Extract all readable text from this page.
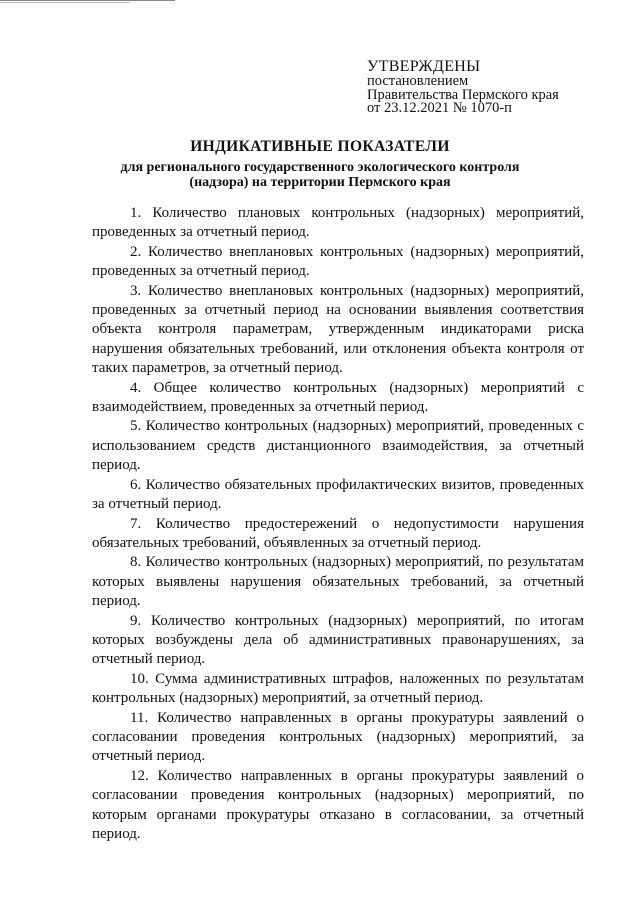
УТВЕРЖДЕНЫ
постановлением
Правительства Пермского края
от 23.12.2021 № 1070-п
ИНДИКАТИВНЫЕ ПОКАЗАТЕЛИ
для регионального государственного экологического контроля
(надзора) на территории Пермского края

1. Количество плановых контрольных (надзорных) мероприятий, проведенных за отчетный период.

2. Количество внеплановых контрольных (надзорных) мероприятий, проведенных за отчетный период.

3. Количество внеплановых контрольных (надзорных) мероприятий, проведенных за отчетный период на основании выявления соответствия объекта контроля параметрам, утвержденным индикаторами риска нарушения обязательных требований, или отклонения объекта контроля от таких параметров, за отчетный период.

4. Общее количество контрольных (надзорных) мероприятий с взаимодействием, проведенных за отчетный период.

5. Количество контрольных (надзорных) мероприятий, проведенных с использованием средств дистанционного взаимодействия, за отчетный период.

6. Количество обязательных профилактических визитов, проведенных за отчетный период.

7. Количество предостережений о недопустимости нарушения обязательных требований, объявленных за отчетный период.

8. Количество контрольных (надзорных) мероприятий, по результатам которых выявлены нарушения обязательных требований, за отчетный период.

9. Количество контрольных (надзорных) мероприятий, по итогам которых возбуждены дела об административных правонарушениях, за отчетный период.

10. Сумма административных штрафов, наложенных по результатам контрольных (надзорных) мероприятий, за отчетный период.

11. Количество направленных в органы прокуратуры заявлений о согласовании проведения контрольных (надзорных) мероприятий, за отчетный период.

12. Количество направленных в органы прокуратуры заявлений о согласовании проведения контрольных (надзорных) мероприятий, по которым органами прокуратуры отказано в согласовании, за отчетный период.
